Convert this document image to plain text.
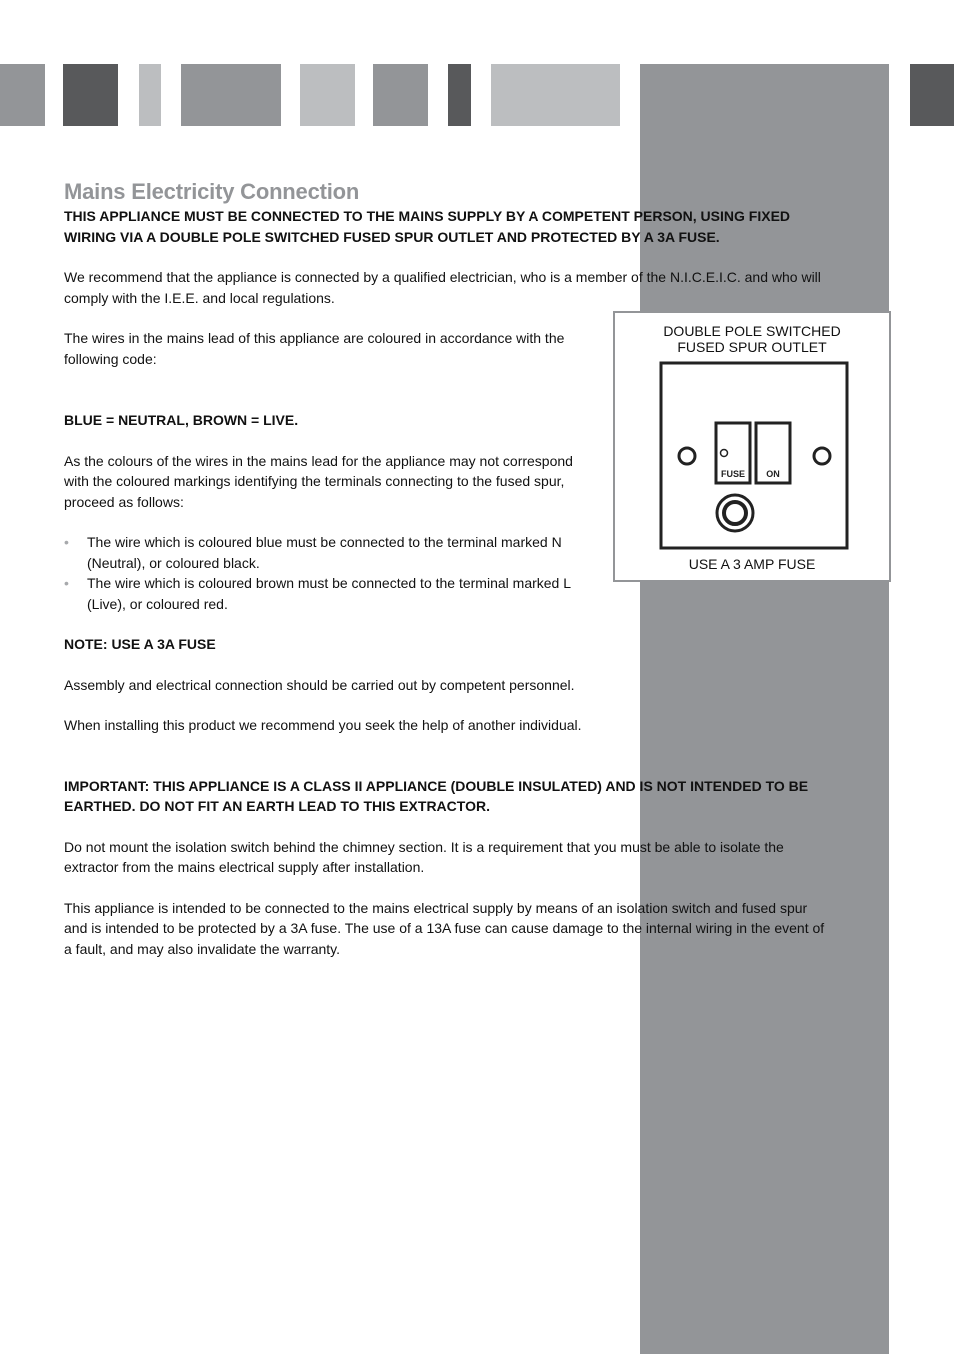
Mains Electricity Connection

THIS APPLIANCE MUST BE CONNECTED TO THE MAINS SUPPLY BY A COMPETENT PERSON, USING FIXED WIRING VIA A DOUBLE POLE SWITCHED FUSED SPUR OUTLET AND PROTECTED BY A 3A FUSE.

We recommend that the appliance is connected by a qualified electrician, who is a member of the N.I.C.E.I.C. and who will comply with the I.E.E. and local regulations.

The wires in the mains lead of this appliance are coloured in accordance with the following code:

BLUE = NEUTRAL, BROWN = LIVE.

As the colours of the wires in the mains lead for the appliance may not correspond with the coloured markings identifying the terminals connecting to the fused spur, proceed as follows:

• The wire which is coloured blue must be connected to the terminal marked N (Neutral), or coloured black.
• The wire which is coloured brown must be connected to the terminal marked L (Live), or coloured red.

NOTE: USE A 3A FUSE

Assembly and electrical connection should be carried out by competent personnel.

When installing this product we recommend you seek the help of another individual.

IMPORTANT: THIS APPLIANCE IS A CLASS II APPLIANCE (DOUBLE INSULATED) AND IS NOT INTENDED TO BE EARTHED. DO NOT FIT AN EARTH LEAD TO THIS EXTRACTOR.

Do not mount the isolation switch behind the chimney section. It is a requirement that you must be able to isolate the extractor from the mains electrical supply after installation.

This appliance is intended to be connected to the mains electrical supply by means of an isolation switch and fused spur and is intended to be protected by a 3A fuse. The use of a 13A fuse can cause damage to the internal wiring in the event of a fault, and may also invalidate the warranty.

DOUBLE POLE SWITCHED
FUSED SPUR OUTLET
FUSE ON
USE A 3 AMP FUSE
